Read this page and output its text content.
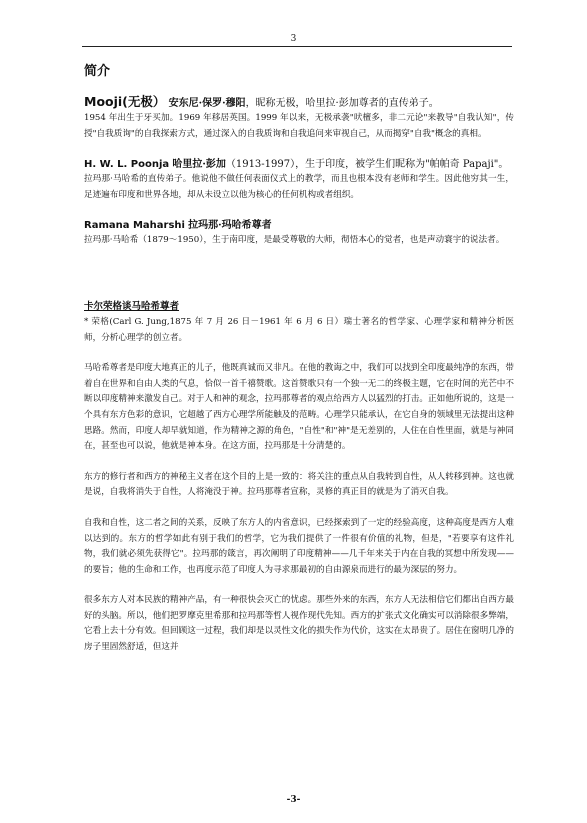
3
简介
Mooji(无极） 安东尼·保罗·穆阳，昵称无极，哈里拉·彭加尊者的直传弟子。

1954 年出生于牙买加。1969 年移居英国。1999 年以来，无极承袭"吠檀多，非二元论"来教导"自我认知"，传授"自我质询"的自我探索方式，通过深入的自我质询和自我追问来审视自己，从而揭穿"自我"概念的真相。

H. W. L. Poonja 哈里拉·彭加（1913-1997），生于印度，被学生们昵称为"帕帕奇 Papaji"。

拉玛那·马哈希的直传弟子。他说他不做任何表面仪式上的教学，而且也根本没有老师和学生。因此他穷其一生，足迹遍布印度和世界各地，却从未设立以他为核心的任何机构或者组织。

Ramana Maharshi 拉玛那·玛哈希尊者

拉玛那·马哈希（1879～1950），生于南印度，是最受尊敬的大师，彻悟本心的觉者，也是声动寰宇的说法者。

卡尔荣格谈马哈希尊者

* 荣格(Carl G. Jung,1875 年 7 月 26 日－1961 年 6 月 6 日）瑞士著名的哲学家、心理学家和精神分析医师，分析心理学的创立者。

马哈希尊者是印度大地真正的儿子，他既真诚而又非凡。在他的教诲之中，我们可以找到全印度最纯净的东西，带着自在世界和自由人类的气息，恰似一首千禧赞歌。这首赞歌只有一个独一无二的终极主题，它在时间的光芒中不断以印度精神来激发自己。对于人和神的观念，拉玛那尊者的观点给西方人以猛烈的打击。正如他所说的，这是一个具有东方色彩的意识，它超越了西方心理学所能触及的范畴。心理学只能承认，在它自身的领域里无法提出这种思路。然而，印度人却早就知道，作为精神之源的角色，"自性"和"神"是无差别的，人住在自性里面，就是与神同在，甚至也可以说，他就是神本身。在这方面，拉玛那是十分清楚的。

东方的修行者和西方的神秘主义者在这个目的上是一致的：将关注的重点从自我转到自性，从人转移到神。这也就是说，自我将消失于自性，人将淹没于神。拉玛那尊者宣称，灵修的真正目的就是为了消灭自我。

自我和自性，这二者之间的关系，反映了东方人的内省意识，已经探索到了一定的经验高度，这种高度是西方人难以达到的。东方的哲学如此有别于我们的哲学，它为我们提供了一件很有价值的礼物，但是，"若要享有这件礼物，我们就必须先获得它"。拉玛那的箴言，再次阐明了印度精神——几千年来关于内在自我的冥想中所发现——的要旨；他的生命和工作，也再度示范了印度人为寻求那最初的自由源泉而进行的最为深层的努力。

很多东方人对本民族的精神产品，有一种很快会灭亡的忧虑。那些外来的东西，东方人无法相信它们都出自西方最好的头脑。所以，他们把罗摩克里希那和拉玛那等哲人视作现代先知。西方的扩张式文化确实可以消除很多弊端，它看上去十分有效。但回顾这一过程，我们却是以灵性文化的损失作为代价，这实在太昂贵了。居住在窗明几净的房子里固然舒适，但这并

-3-
